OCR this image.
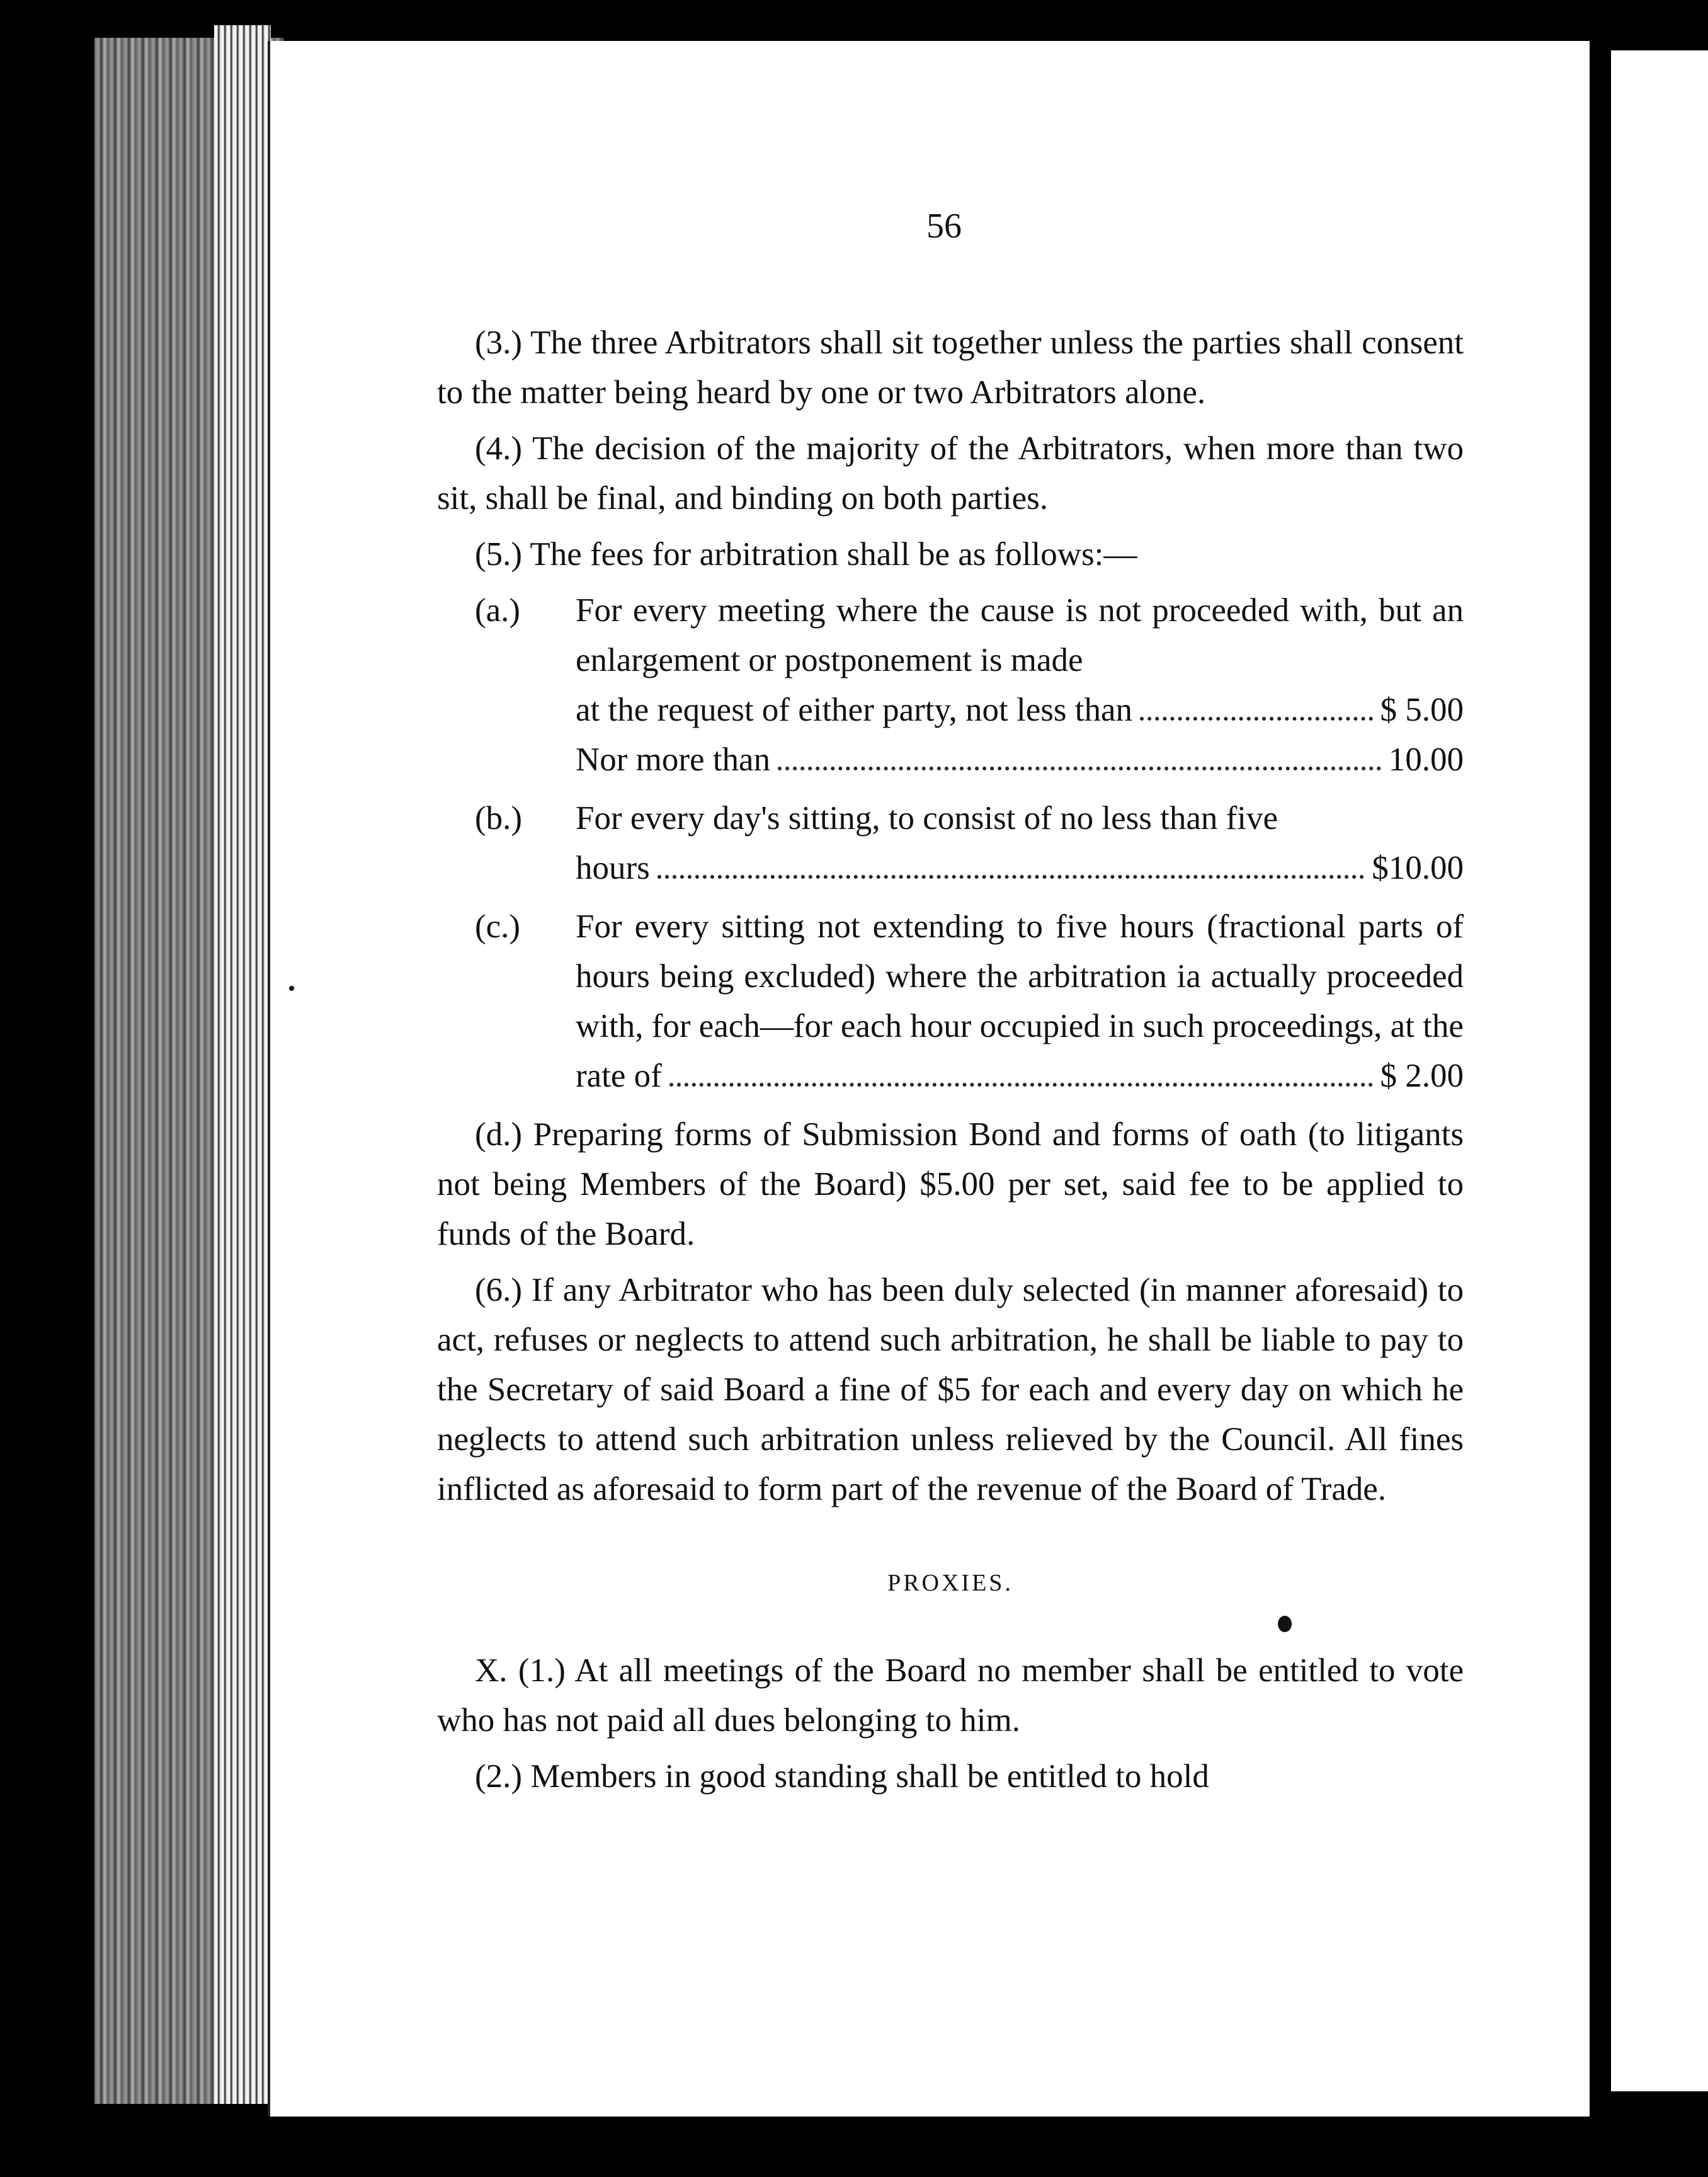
56

(3.) The three Arbitrators shall sit together unless the parties shall consent to the matter being heard by one or two Arbitrators alone.

(4.) The decision of the majority of the Arbitrators, when more than two sit, shall be final, and binding on both parties.

(5.) The fees for arbitration shall be as follows:—

(a.)	For every meeting where the cause is not proceeded with, but an enlargement or postponement is made
at the request of either party, not less than	$ 5.00
Nor more than	10.00
(b.)	For every day's sitting, to consist of no less than five
hours	$10.00
(c.)	For every sitting not extending to five hours (fractional parts of hours being excluded) where the arbitration ia actually proceeded with, for each—for each hour occupied in such proceedings, at the
rate of	$ 2.00

(d.) Preparing forms of Submission Bond and forms of oath (to litigants not being Members of the Board) $5.00 per set, said fee to be applied to funds of the Board.

(6.) If any Arbitrator who has been duly selected (in manner aforesaid) to act, refuses or neglects to attend such arbitration, he shall be liable to pay to the Secretary of said Board a fine of $5 for each and every day on which he neglects to attend such arbitration unless relieved by the Council. All fines inflicted as aforesaid to form part of the revenue of the Board of Trade.

PROXIES.

X. (1.) At all meetings of the Board no member shall be entitled to vote who has not paid all dues belonging to him.

(2.) Members in good standing shall be entitled to hold
